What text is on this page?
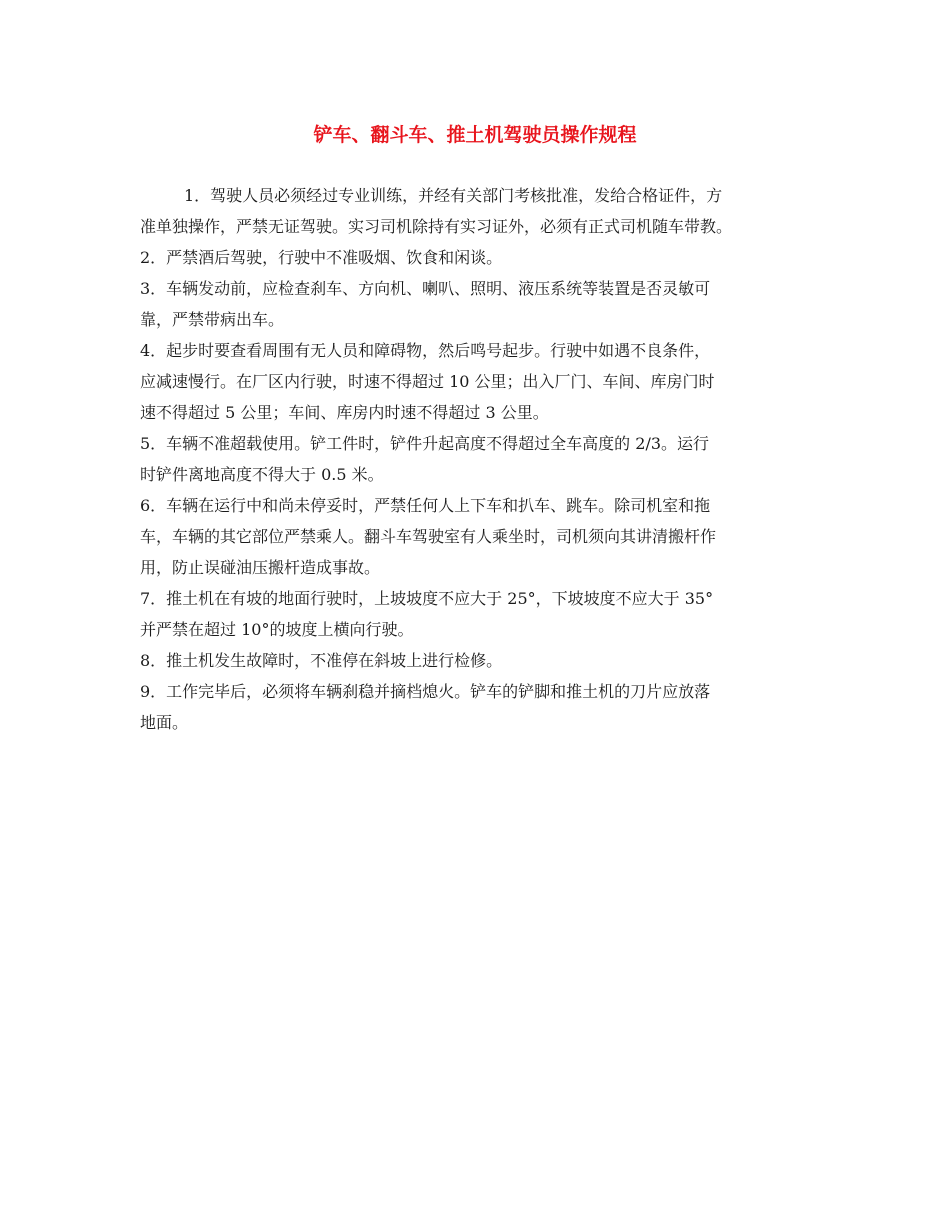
铲车、翻斗车、推土机驾驶员操作规程
1．驾驶人员必须经过专业训练，并经有关部门考核批准，发给合格证件，方
准单独操作，严禁无证驾驶。实习司机除持有实习证外，必须有正式司机随车带教。
2．严禁酒后驾驶，行驶中不准吸烟、饮食和闲谈。
3．车辆发动前，应检查刹车、方向机、喇叭、照明、液压系统等装置是否灵敏可
靠，严禁带病出车。
4．起步时要查看周围有无人员和障碍物，然后鸣号起步。行驶中如遇不良条件，
应减速慢行。在厂区内行驶，时速不得超过 10 公里；出入厂门、车间、库房门时
速不得超过 5 公里；车间、库房内时速不得超过 3 公里。
5．车辆不准超载使用。铲工件时，铲件升起高度不得超过全车高度的 2/3。运行
时铲件离地高度不得大于 0.5 米。
6．车辆在运行中和尚未停妥时，严禁任何人上下车和扒车、跳车。除司机室和拖
车，车辆的其它部位严禁乘人。翻斗车驾驶室有人乘坐时，司机须向其讲清搬杆作
用，防止误碰油压搬杆造成事故。
7．推土机在有坡的地面行驶时，上坡坡度不应大于 25°，下坡坡度不应大于 35°
并严禁在超过 10°的坡度上横向行驶。
8．推土机发生故障时，不准停在斜坡上进行检修。
9．工作完毕后，必须将车辆刹稳并摘档熄火。铲车的铲脚和推土机的刀片应放落
地面。
